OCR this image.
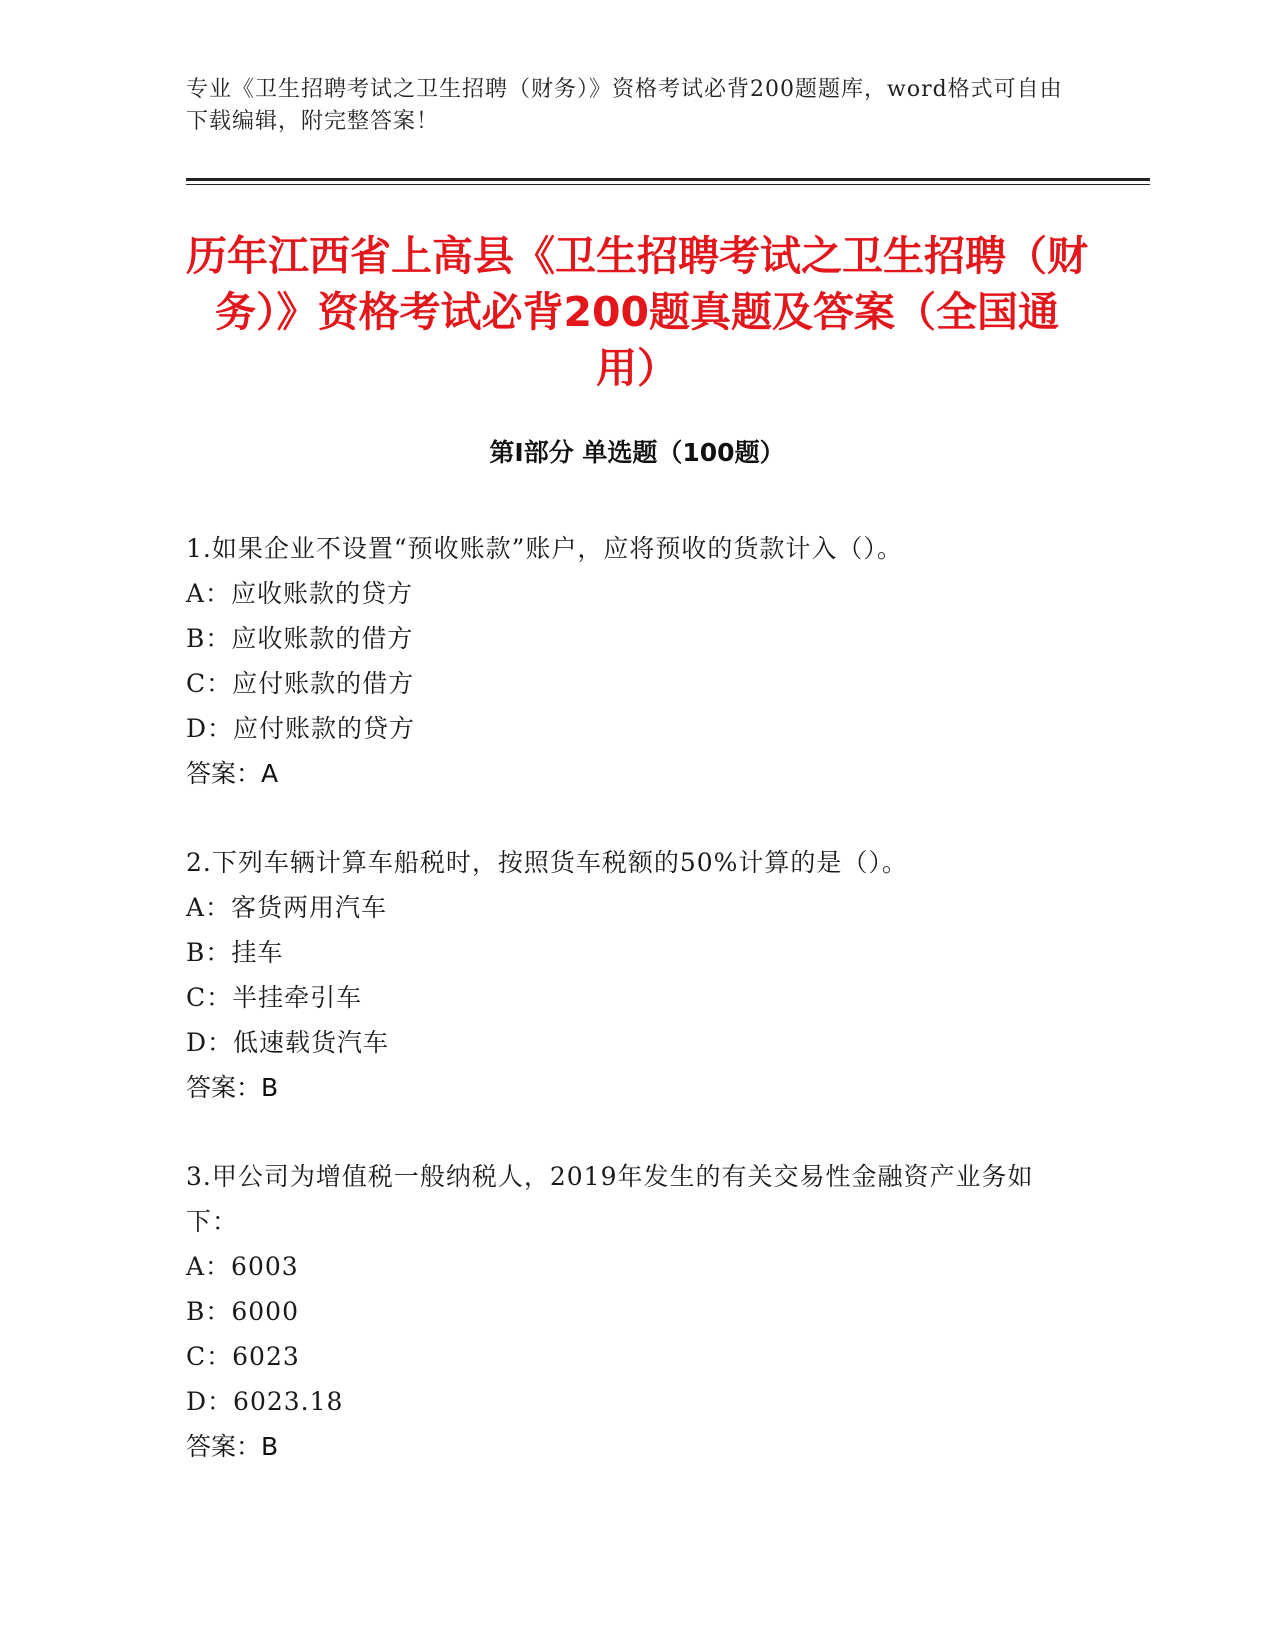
专业《卫生招聘考试之卫生招聘（财务）》资格考试必背200题题库，word格式可自由下载编辑，附完整答案！
历年江西省上高县《卫生招聘考试之卫生招聘（财务）》资格考试必背200题真题及答案（全国通用）
第Ⅰ部分 单选题（100题）
1.如果企业不设置“预收账款”账户，应将预收的货款计入（）。
A：应收账款的贷方
B：应收账款的借方
C：应付账款的借方
D：应付账款的贷方
答案：A
2.下列车辆计算车船税时，按照货车税额的50%计算的是（）。
A：客货两用汽车
B：挂车
C：半挂牵引车
D：低速载货汽车
答案：B
3.甲公司为增值税一般纳税人，2019年发生的有关交易性金融资产业务如下：
A：6003
B：6000
C：6023
D：6023.18
答案：B
